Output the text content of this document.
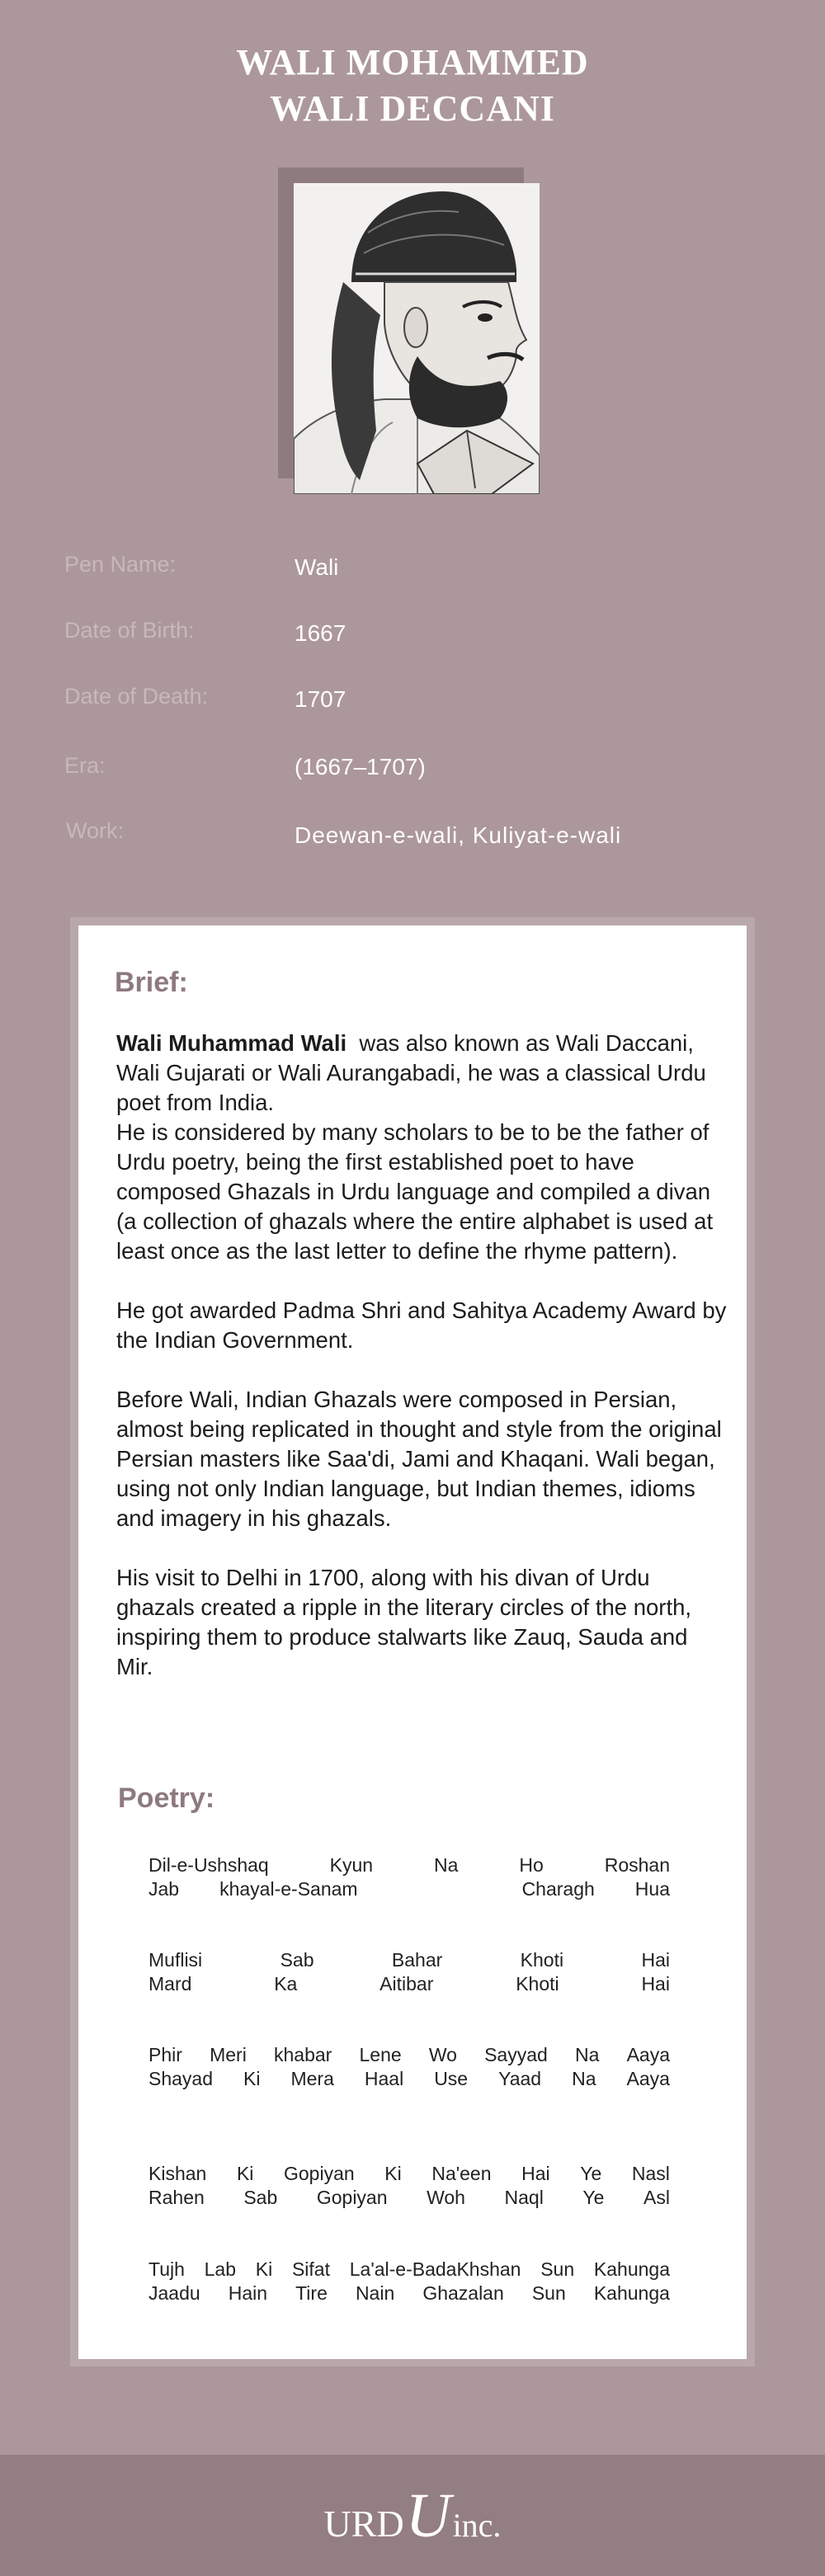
WALI MOHAMMED
WALI DECCANI
Pen Name:	Wali
Date of Birth:	1667
Date of Death:	1707
Era:	(1667–1707)
Work:	Deewan-e-wali, Kuliyat-e-wali
Brief:

Wali Muhammad Wali  was also known as Wali Daccani, Wali Gujarati or Wali Aurangabadi, he was a classical Urdu poet from India.
He is considered by many scholars to be to be the father of Urdu poetry, being the first established poet to have composed Ghazals in Urdu language and compiled a divan (a collection of ghazals where the entire alphabet is used at least once as the last letter to define the rhyme pattern).

He got awarded Padma Shri and Sahitya Academy Award by the Indian Government.

Before Wali, Indian Ghazals were composed in Persian, almost being replicated in thought and style from the original Persian masters like Saa'di, Jami and Khaqani. Wali began, using not only Indian language, but Indian themes, idioms and imagery in his ghazals.

His visit to Delhi in 1700, along with his divan of Urdu ghazals created a ripple in the literary circles of the north, inspiring them to produce stalwarts like Zauq, Sauda and Mir.

Poetry:
Dil-e-Ushshaq	Kyun	Na	Ho	Roshan
Jab khayal-e-Sanam	Charagh Hua
Muflisi	Sab	Bahar	Khoti	Hai
Mard	Ka	Aitibar	Khoti	Hai
Phir Meri khabar Lene Wo Sayyad Na Aaya
Shayad Ki Mera Haal Use Yaad Na Aaya
Kishan Ki Gopiyan Ki Na'een Hai Ye Nasl
Rahen Sab Gopiyan Woh Naql Ye Asl
Tujh Lab Ki Sifat La'al-e-BadaKhshan Sun Kahunga
Jaadu Hain Tire Nain Ghazalan Sun Kahunga
URDUinc.
